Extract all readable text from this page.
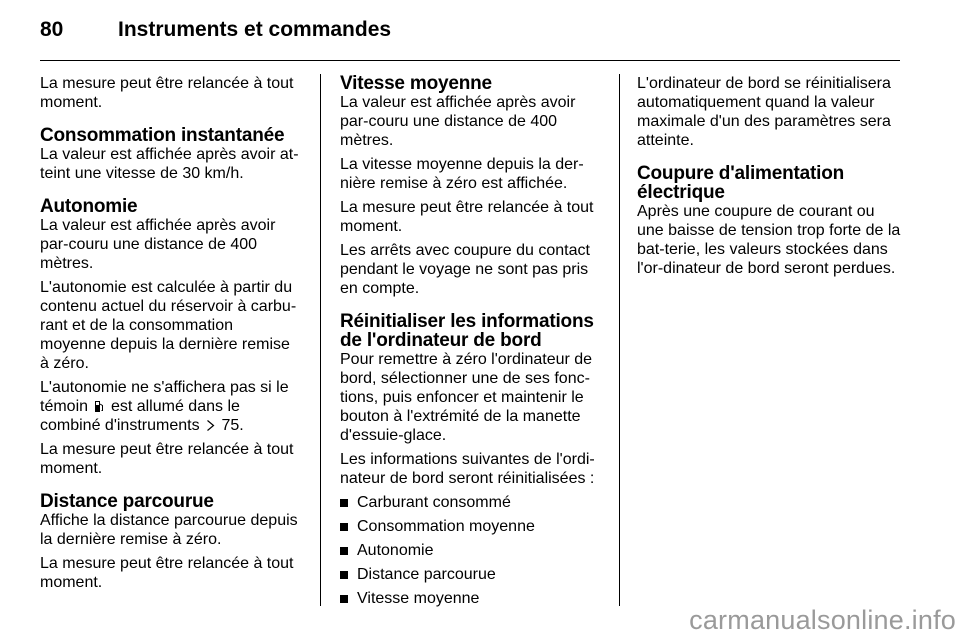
80	Instruments et commandes

La mesure peut être relancée à tout moment.

Consommation instantanée

La valeur est affichée après avoir at-teint une vitesse de 30 km/h.

Autonomie

La valeur est affichée après avoir par-couru une distance de 400 mètres.

L'autonomie est calculée à partir du contenu actuel du réservoir à carbu-rant et de la consommation moyenne depuis la dernière remise à zéro.

L'autonomie ne s'affichera pas si le témoin est allumé dans le combiné d'instruments 75.

La mesure peut être relancée à tout moment.

Distance parcourue

Affiche la distance parcourue depuis la dernière remise à zéro.

La mesure peut être relancée à tout moment.

Vitesse moyenne

La valeur est affichée après avoir par-couru une distance de 400 mètres.

La vitesse moyenne depuis la der-nière remise à zéro est affichée.

La mesure peut être relancée à tout moment.

Les arrêts avec coupure du contact pendant le voyage ne sont pas pris en compte.

Réinitialiser les informations de l'ordinateur de bord

Pour remettre à zéro l'ordinateur de bord, sélectionner une de ses fonc-tions, puis enfoncer et maintenir le bouton à l'extrémité de la manette d'essuie-glace.

Les informations suivantes de l'ordi-nateur de bord seront réinitialisées :

Carburant consommé
Consommation moyenne
Autonomie
Distance parcourue
Vitesse moyenne

L'ordinateur de bord se réinitialisera automatiquement quand la valeur maximale d'un des paramètres sera atteinte.

Coupure d'alimentation électrique

Après une coupure de courant ou une baisse de tension trop forte de la bat-terie, les valeurs stockées dans l'or-dinateur de bord seront perdues.

carmanualsonline.info
